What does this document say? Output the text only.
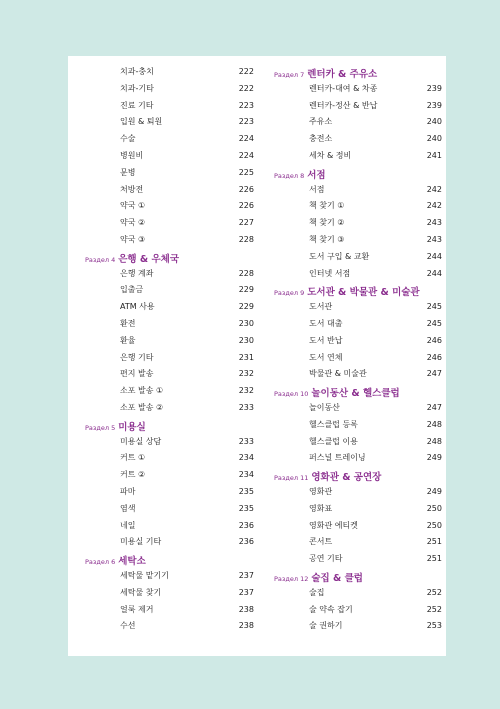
치과-충치	222
치과-기타	222
진료 기타	223
입원 & 퇴원	223
수술	224
병원비	224
문병	225
처방전	226
약국 ①	226
약국 ②	227
약국 ③	228
Раздел 4 은행 & 우체국
은행 계좌	228
입출금	229
ATM 사용	229
환전	230
환율	230
은행 기타	231
편지 발송	232
소포 발송 ①	232
소포 발송 ②	233
Раздел 5 미용실
미용실 상담	233
커트 ①	234
커트 ②	234
파마	235
염색	235
네일	236
미용실 기타	236
Раздел 6 세탁소
세탁물 맡기기	237
세탁물 찾기	237
얼룩 제거	238
수선	238
Раздел 7 렌터카 & 주유소
렌터카-대여 & 차종	239
렌터카-정산 & 반납	239
주유소	240
충전소	240
세차 & 정비	241
Раздел 8 서점
서점	242
책 찾기 ①	242
책 찾기 ②	243
책 찾기 ③	243
도서 구입 & 교환	244
인터넷 서점	244
Раздел 9 도서관 & 박물관 & 미술관
도서관	245
도서 대출	245
도서 반납	246
도서 연체	246
박물관 & 미술관	247
Раздел 10 놀이동산 & 헬스클럽
놀이동산	247
헬스클럽 등록	248
헬스클럽 이용	248
퍼스널 트레이닝	249
Раздел 11 영화관 & 공연장
영화관	249
영화표	250
영화관 에티켓	250
콘서트	251
공연 기타	251
Раздел 12 술집 & 클럽
술집	252
술 약속 잡기	252
술 권하기	253
